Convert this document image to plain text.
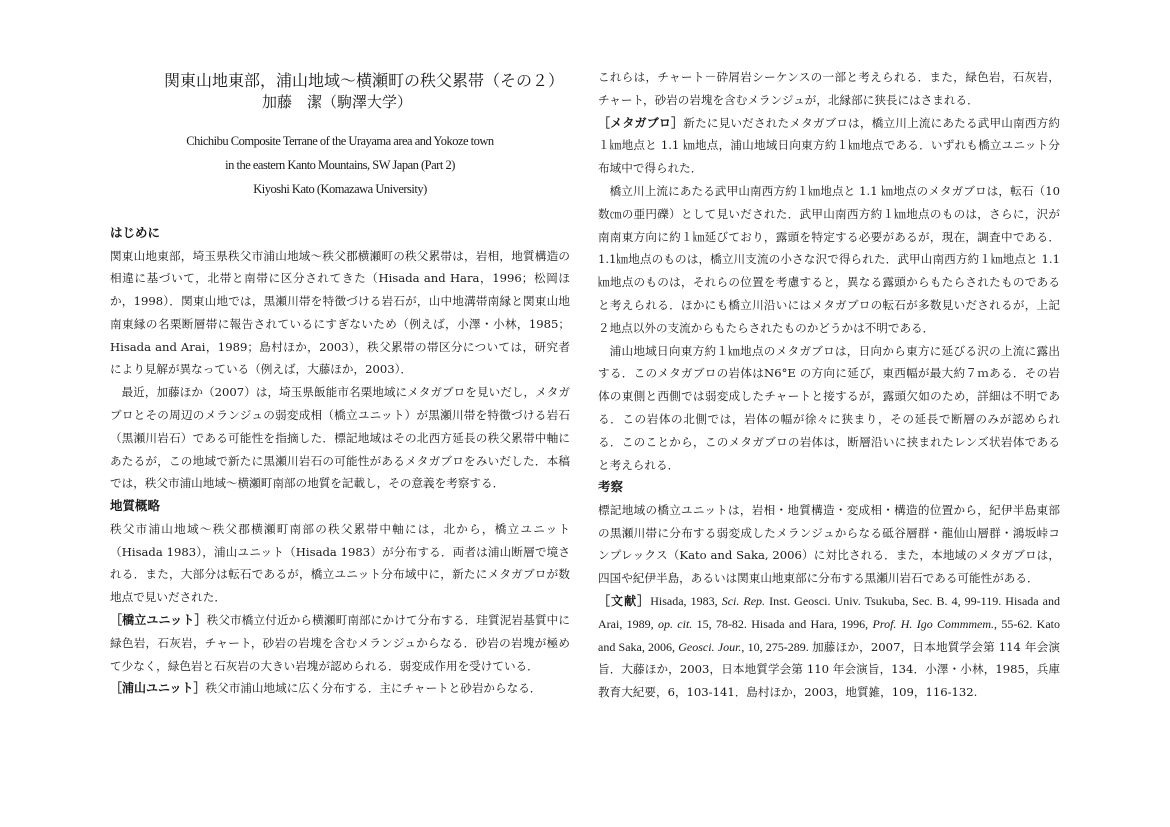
関東山地東部，浦山地域～横瀬町の秩父累帯（その２）
加藤　潔（駒澤大学）
Chichibu Composite Terrane of the Urayama area and Yokoze town
in the eastern Kanto Mountains, SW Japan (Part 2)
Kiyoshi Kato (Komazawa University)
はじめに

関東山地東部，埼玉県秩父市浦山地域～秩父郡横瀬町の秩父累帯は，岩相，地質構造の相違に基づいて，北帯と南帯に区分されてきた（Hisada and Hara，1996；松岡ほか，1998）．関東山地では，黒瀬川帯を特徴づける岩石が，山中地溝帯南縁と関東山地南東縁の名栗断層帯に報告されているにすぎないため（例えば，小澤・小林，1985；Hisada and Arai，1989；島村ほか，2003），秩父累帯の帯区分については，研究者により見解が異なっている（例えば，大藤ほか，2003）．

最近，加藤ほか（2007）は，埼玉県飯能市名栗地域にメタガブロを見いだし，メタガブロとその周辺のメランジュの弱変成相（橋立ユニット）が黒瀬川帯を特徴づける岩石（黒瀬川岩石）である可能性を指摘した．標記地域はその北西方延長の秩父累帯中軸にあたるが，この地域で新たに黒瀬川岩石の可能性があるメタガブロをみいだした．本稿では，秩父市浦山地域～横瀬町南部の地質を記載し，その意義を考察する．

地質概略

秩父市浦山地域～秩父郡横瀬町南部の秩父累帯中軸には，北から，橋立ユニット（Hisada 1983），浦山ユニット（Hisada 1983）が分布する．両者は浦山断層で境される．また，大部分は転石であるが，橋立ユニット分布域中に，新たにメタガブロが数地点で見いだされた．

［橋立ユニット］秩父市橋立付近から横瀬町南部にかけて分布する．珪質泥岩基質中に緑色岩，石灰岩，チャート，砂岩の岩塊を含むメランジュからなる．砂岩の岩塊が極めて少なく，緑色岩と石灰岩の大きい岩塊が認められる．弱変成作用を受けている．

［浦山ユニット］秩父市浦山地域に広く分布する．主にチャートと砂岩からなる．

これらは，チャート－砕屑岩シーケンスの一部と考えられる．また，緑色岩，石灰岩，チャート，砂岩の岩塊を含むメランジュが，北縁部に狭長にはさまれる．

［メタガブロ］新たに見いだされたメタガブロは，橋立川上流にあたる武甲山南西方約１㎞地点と 1.1 ㎞地点，浦山地域日向東方約１㎞地点である．いずれも橋立ユニット分布域中で得られた．

橋立川上流にあたる武甲山南西方約１㎞地点と 1.1 ㎞地点のメタガブロは，転石（10 数㎝の亜円礫）として見いだされた．武甲山南西方約１㎞地点のものは，さらに，沢が南南東方向に約１㎞延びており，露頭を特定する必要があるが，現在，調査中である．1.1㎞地点のものは，橋立川支流の小さな沢で得られた．武甲山南西方約１㎞地点と 1.1 ㎞地点のものは，それらの位置を考慮すると，異なる露頭からもたらされたものであると考えられる．ほかにも橋立川沿いにはメタガブロの転石が多数見いだされるが，上記２地点以外の支流からもたらされたものかどうかは不明である．

浦山地域日向東方約１㎞地点のメタガブロは，日向から東方に延びる沢の上流に露出する．このメタガブロの岩体はN6°E の方向に延び，東西幅が最大約７ｍある．その岩体の東側と西側では弱変成したチャートと接するが，露頭欠如のため，詳細は不明である．この岩体の北側では，岩体の幅が徐々に狭まり，その延長で断層のみが認められる．このことから，このメタガブロの岩体は，断層沿いに挟まれたレンズ状岩体であると考えられる．

考察

標記地域の橋立ユニットは，岩相・地質構造・変成相・構造的位置から，紀伊半島東部の黒瀬川帯に分布する弱変成したメランジュからなる砥谷層群・龍仙山層群・鴻坂峠コンプレックス（Kato and Saka, 2006）に対比される．また，本地域のメタガブロは，四国や紀伊半島，あるいは関東山地東部に分布する黒瀬川岩石である可能性がある．

［文献］Hisada, 1983, Sci. Rep. Inst. Geosci. Univ. Tsukuba, Sec. B. 4, 99-119. Hisada and Arai, 1989, op. cit. 15, 78-82. Hisada and Hara, 1996, Prof. H. Igo Commmem., 55-62. Kato and Saka, 2006, Geosci. Jour., 10, 275-289. 加藤ほか，2007，日本地質学会第 114 年会演旨．大藤ほか，2003，日本地質学会第 110 年会演旨，134．小澤・小林，1985，兵庫教育大紀要，6，103-141．島村ほか，2003，地質雑，109，116-132.
